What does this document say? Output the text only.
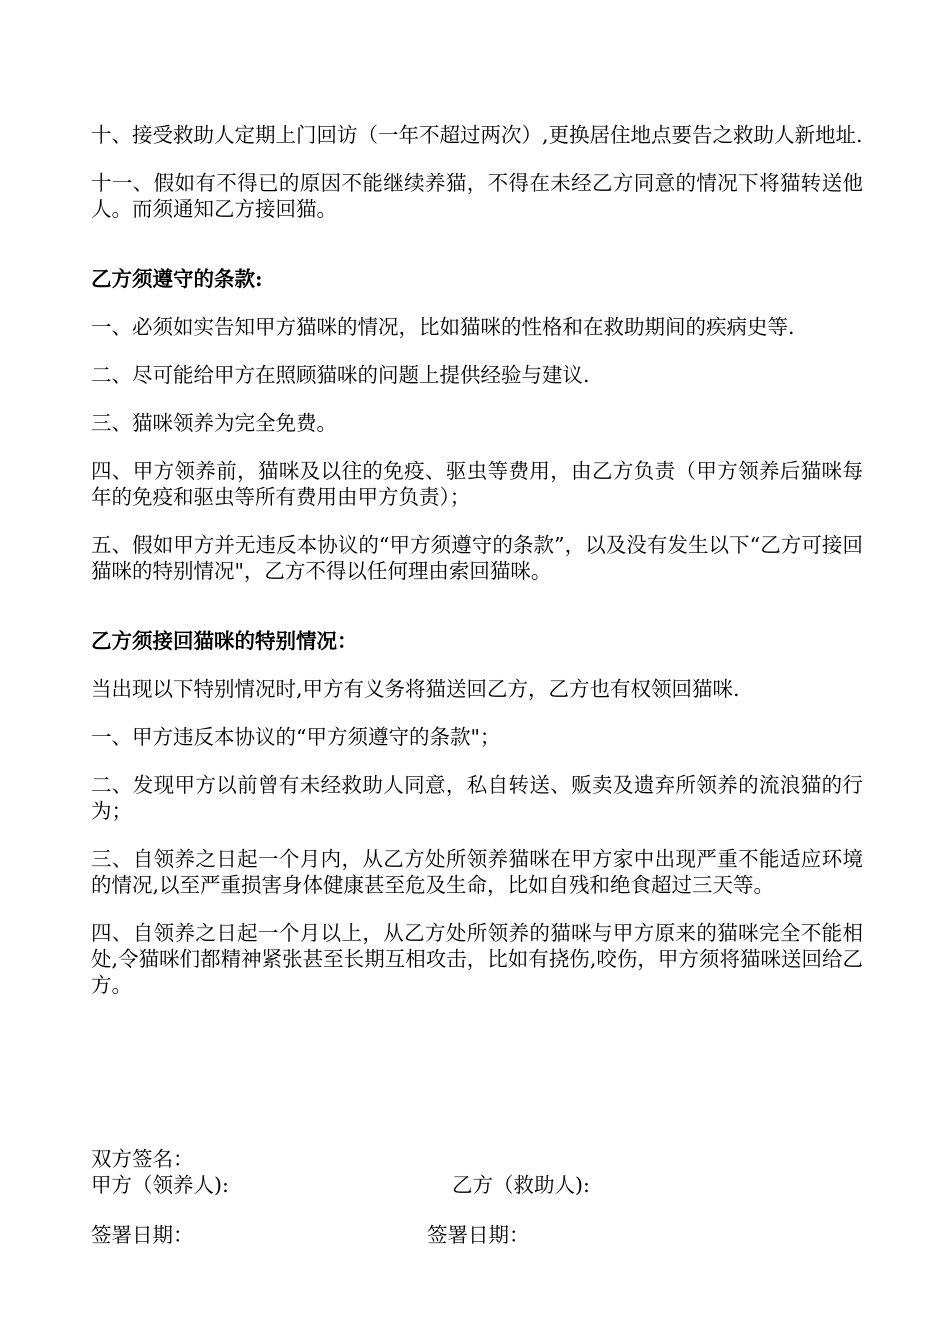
十、接受救助人定期上门回访（一年不超过两次）,更换居住地点要告之救助人新地址.

十一、假如有不得已的原因不能继续养猫，不得在未经乙方同意的情况下将猫转送他人。而须通知乙方接回猫。

乙方须遵守的条款:

一、必须如实告知甲方猫咪的情况，比如猫咪的性格和在救助期间的疾病史等.

二、尽可能给甲方在照顾猫咪的问题上提供经验与建议.

三、猫咪领养为完全免费。

四、甲方领养前，猫咪及以往的免疫、驱虫等费用，由乙方负责（甲方领养后猫咪每年的免疫和驱虫等所有费用由甲方负责）；

五、假如甲方并无违反本协议的“甲方须遵守的条款”，以及没有发生以下“乙方可接回猫咪的特别情况"，乙方不得以任何理由索回猫咪。

乙方须接回猫咪的特别情况：

当出现以下特别情况时,甲方有义务将猫送回乙方，乙方也有权领回猫咪.

一、甲方违反本协议的“甲方须遵守的条款"；

二、发现甲方以前曾有未经救助人同意，私自转送、贩卖及遗弃所领养的流浪猫的行为；

三、自领养之日起一个月内，从乙方处所领养猫咪在甲方家中出现严重不能适应环境的情况,以至严重损害身体健康甚至危及生命，比如自残和绝食超过三天等。

四、自领养之日起一个月以上，从乙方处所领养的猫咪与甲方原来的猫咪完全不能相处,令猫咪们都精神紧张甚至长期互相攻击，比如有挠伤,咬伤，甲方须将猫咪送回给乙方。

双方签名：
甲方（领养人):	乙方（救助人):
签署日期：	签署日期：
